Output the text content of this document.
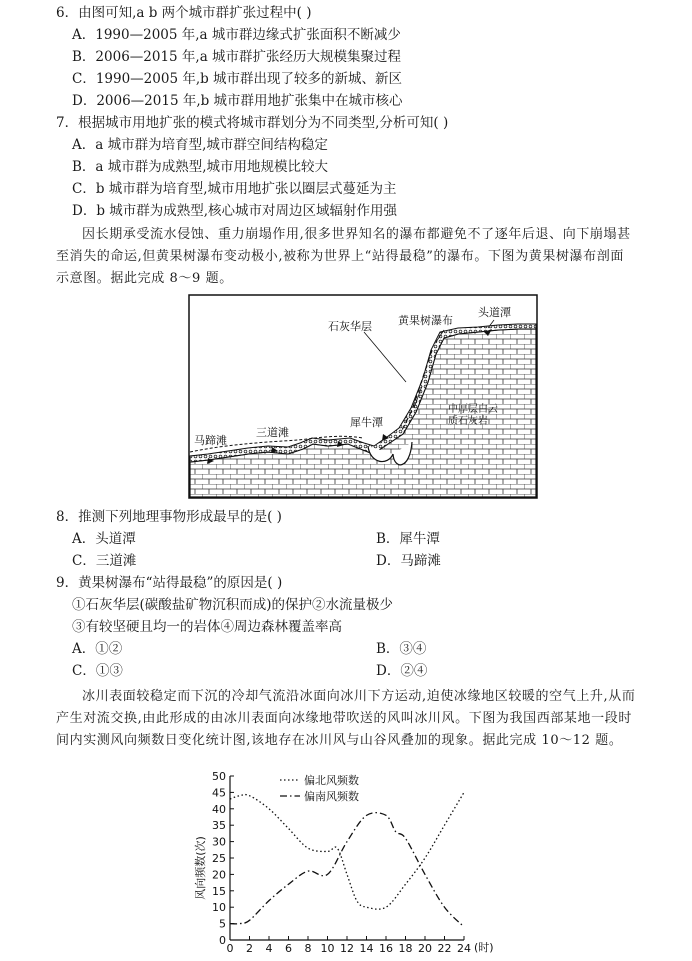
6．由图可知,a b 两个城市群扩张过程中( )
A．1990—2005 年,a 城市群边缘式扩张面积不断减少
B．2006—2015 年,a 城市群扩张经历大规模集聚过程
C．1990—2005 年,b 城市群出现了较多的新城、新区
D．2006—2015 年,b 城市群用地扩张集中在城市核心
7．根据城市用地扩张的模式将城市群划分为不同类型,分析可知( )
A．a 城市群为培育型,城市群空间结构稳定
B．a 城市群为成熟型,城市用地规模比较大
C．b 城市群为培育型,城市用地扩张以圈层式蔓延为主
D．b 城市群为成熟型,核心城市对周边区域辐射作用强
因长期承受流水侵蚀、重力崩塌作用,很多世界知名的瀑布都避免不了逐年后退、向下崩塌甚至消失的命运,但黄果树瀑布变动极小,被称为世界上“站得最稳”的瀑布。下图为黄果树瀑布剖面示意图。据此完成 8～9 题。
头道潭
石灰华层 黄果树瀑布
中厚层白云
质石灰岩
犀牛潭
三道滩
马蹄滩
8．推测下列地理事物形成最早的是( )
A．头道潭	B．犀牛潭
C．三道滩	D．马蹄滩
9．黄果树瀑布“站得最稳”的原因是( )
①石灰华层(碳酸盐矿物沉积而成)的保护②水流量极少
③有较坚硬且均一的岩体④周边森林覆盖率高
A．①②	B．③④
C．①③	D．②④
冰川表面较稳定而下沉的冷却气流沿冰面向冰川下方运动,迫使冰缘地区较暖的空气上升,从而产生对流交换,由此形成的由冰川表面向冰缘地带吹送的风叫冰川风。下图为我国西部某地一段时间内实测风向频数日变化统计图,该地存在冰川风与山谷风叠加的现象。据此完成 10～12 题。
0
5
10
15
20
25
30
35
40
45
50
0 2 4 6 8 10 12 14 16 18 20 22 24
偏北风频数
偏南风频数
风向频数(次)
(时)
